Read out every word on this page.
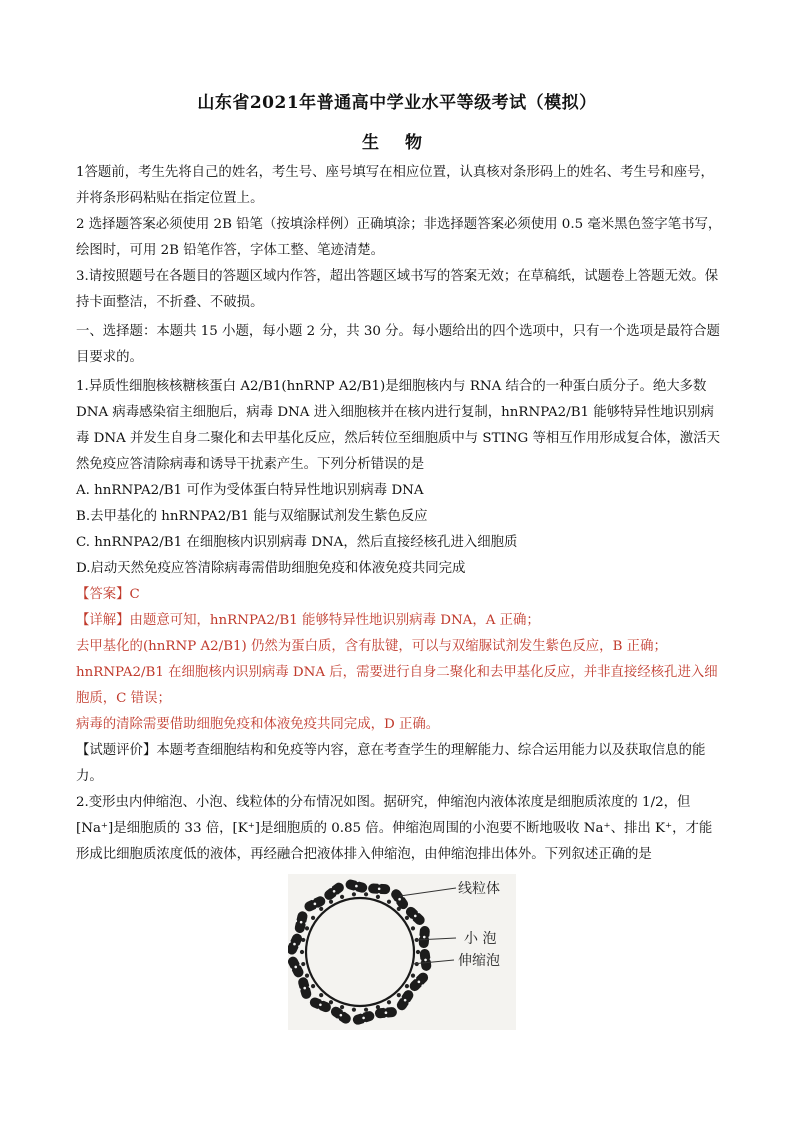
山东省2021年普通高中学业水平等级考试（模拟）
生 物

1答题前，考生先将自己的姓名，考生号、座号填写在相应位置，认真核对条形码上的姓名、考生号和座号，并将条形码粘贴在指定位置上。

2 选择题答案必须使用 2B 铅笔（按填涂样例）正确填涂；非选择题答案必须使用 0.5 毫米黑色签字笔书写，绘图时，可用 2B 铅笔作答，字体工整、笔迹清楚。

3.请按照题号在各题目的答题区域内作答，超出答题区域书写的答案无效；在草稿纸，试题卷上答题无效。保持卡面整洁，不折叠、不破损。

一、选择题：本题共 15 小题，每小题 2 分，共 30 分。每小题给出的四个选项中，只有一个选项是最符合题目要求的。

1.异质性细胞核核糖核蛋白 A2/B1(hnRNP A2/B1)是细胞核内与 RNA 结合的一种蛋白质分子。绝大多数 DNA 病毒感染宿主细胞后，病毒 DNA 进入细胞核并在核内进行复制，hnRNPA2/B1 能够特异性地识别病毒 DNA 并发生自身二聚化和去甲基化反应，然后转位至细胞质中与 STING 等相互作用形成复合体，激活天然免疫应答清除病毒和诱导干扰素产生。下列分析错误的是

A. hnRNPA2/B1 可作为受体蛋白特异性地识别病毒 DNA

B.去甲基化的 hnRNPA2/B1 能与双缩脲试剂发生紫色反应

C. hnRNPA2/B1 在细胞核内识别病毒 DNA，然后直接经核孔进入细胞质

D.启动天然免疫应答清除病毒需借助细胞免疫和体液免疫共同完成

【答案】C

【详解】由题意可知，hnRNPA2/B1 能够特异性地识别病毒 DNA，A 正确；

去甲基化的(hnRNP A2/B1) 仍然为蛋白质，含有肽键，可以与双缩脲试剂发生紫色反应，B 正确；

hnRNPA2/B1 在细胞核内识别病毒 DNA 后，需要进行自身二聚化和去甲基化反应，并非直接经核孔进入细胞质，C 错误；

病毒的清除需要借助细胞免疫和体液免疫共同完成，D 正确。

【试题评价】本题考查细胞结构和免疫等内容，意在考查学生的理解能力、综合运用能力以及获取信息的能力。

2.变形虫内伸缩泡、小泡、线粒体的分布情况如图。据研究，伸缩泡内液体浓度是细胞质浓度的 1/2，但[Na⁺]是细胞质的 33 倍，[K⁺]是细胞质的 0.85 倍。伸缩泡周围的小泡要不断地吸收 Na⁺、排出 K⁺，才能形成比细胞质浓度低的液体，再经融合把液体排入伸缩泡，由伸缩泡排出体外。下列叙述正确的是

线粒体
小 泡
伸缩泡
